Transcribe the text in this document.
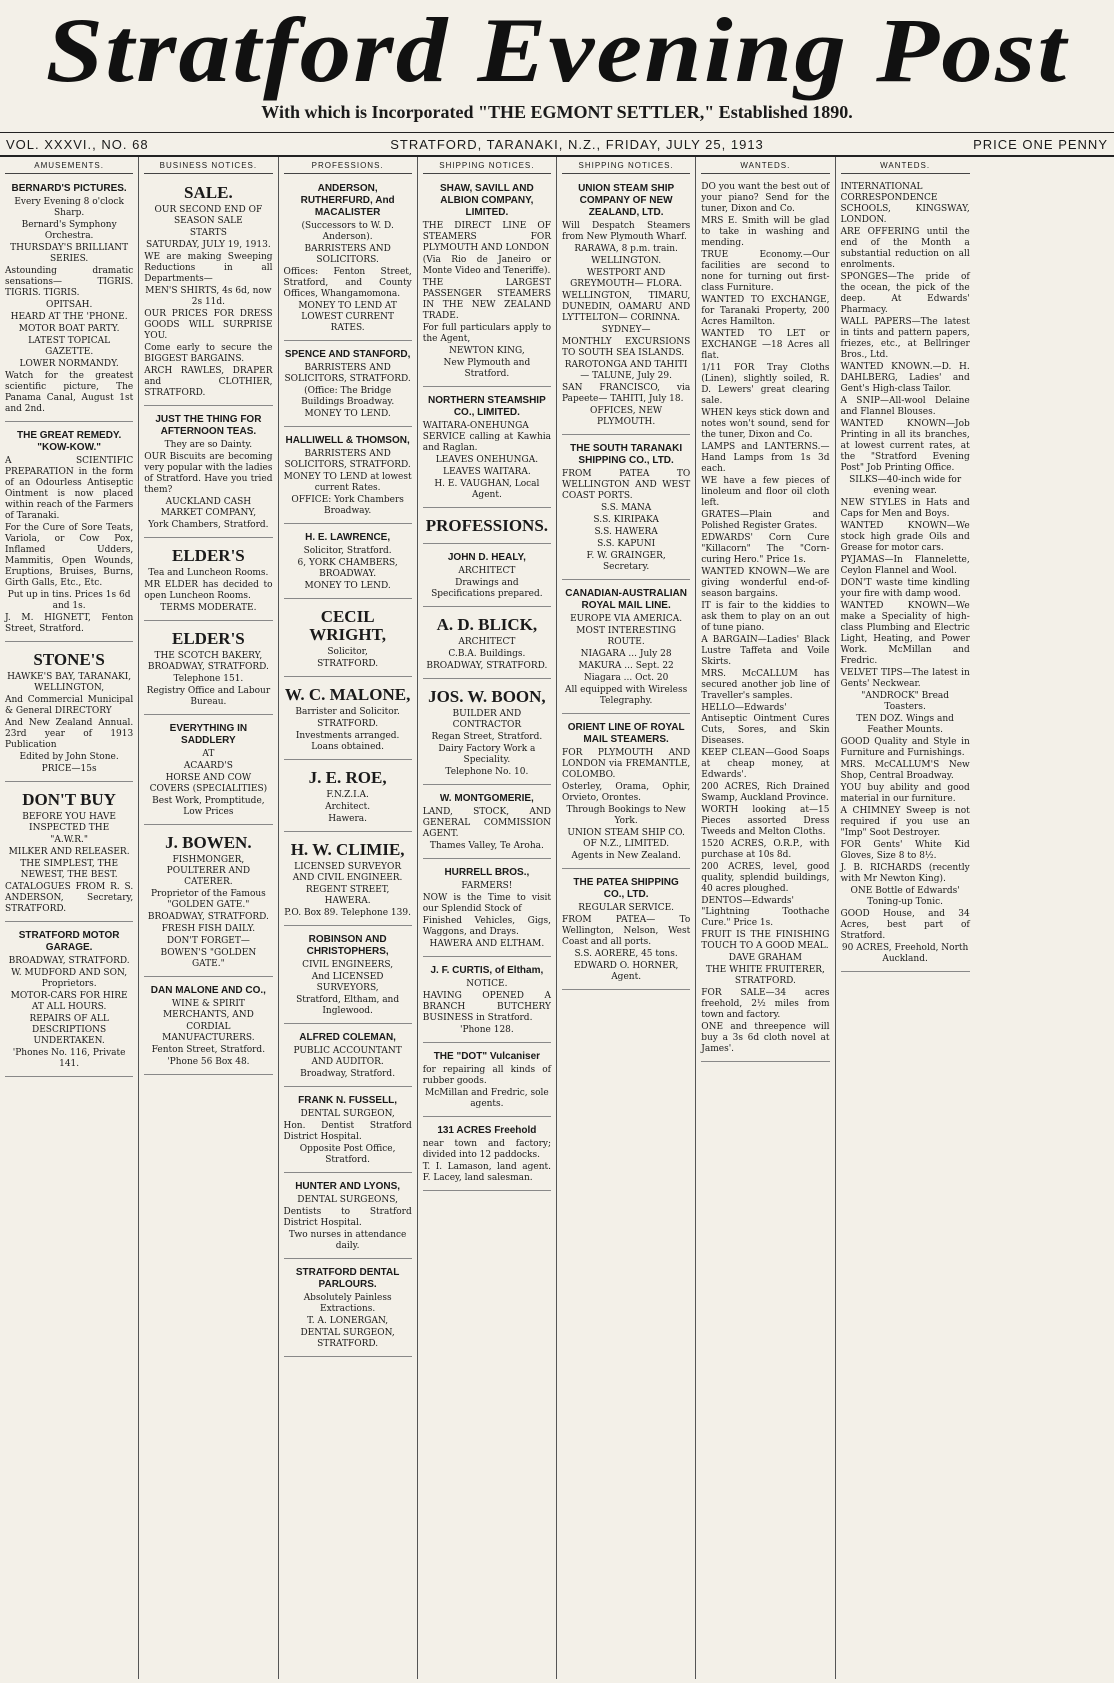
Stratford Evening Post
With which is Incorporated "THE EGMONT SETTLER," Established 1890.
VOL. XXXVI., NO. 68	STRATFORD, TARANAKI, N.Z., FRIDAY, JULY 25, 1913	PRICE ONE PENNY
AMUSEMENTS.
BERNARD'S PICTURES.

Every Evening 8 o'clock Sharp.

Bernard's Symphony Orchestra.

THURSDAY'S BRILLIANT SERIES.

Astounding dramatic sensations— TIGRIS. TIGRIS. TIGRIS.

OPITSAH.

HEARD AT THE 'PHONE.

MOTOR BOAT PARTY.

LATEST TOPICAL GAZETTE.

LOWER NORMANDY.

Watch for the greatest scientific picture, The Panama Canal, August 1st and 2nd.

THE GREAT REMEDY. "KOW-KOW."

A SCIENTIFIC PREPARATION in the form of an Odourless Antiseptic Ointment is now placed within reach of the Farmers of Taranaki.

For the Cure of Sore Teats, Variola, or Cow Pox, Inflamed Udders, Mammitis, Open Wounds, Eruptions, Bruises, Burns, Girth Galls, Etc., Etc.

Put up in tins. Prices 1s 6d and 1s.

J. M. HIGNETT, Fenton Street, Stratford.

STONE'S

HAWKE'S BAY, TARANAKI, WELLINGTON,

And Commercial Municipal & General DIRECTORY

And New Zealand Annual. 23rd year of 1913 Publication

Edited by John Stone.

PRICE—15s

DON'T BUY

BEFORE YOU HAVE INSPECTED THE

"A.W.R."

MILKER AND RELEASER.

THE SIMPLEST, THE NEWEST, THE BEST.

CATALOGUES FROM R. S. ANDERSON, Secretary, STRATFORD.

STRATFORD MOTOR GARAGE.

BROADWAY, STRATFORD.

W. MUDFORD AND SON, Proprietors.

MOTOR-CARS FOR HIRE AT ALL HOURS.

REPAIRS OF ALL DESCRIPTIONS UNDERTAKEN.

'Phones No. 116, Private 141.

BUSINESS NOTICES.
SALE.

OUR SECOND END OF SEASON SALE

STARTS

SATURDAY, JULY 19, 1913.

WE are making Sweeping Reductions in all Departments—

MEN'S SHIRTS, 4s 6d, now 2s 11d.

OUR PRICES FOR DRESS GOODS WILL SURPRISE YOU.

Come early to secure the BIGGEST BARGAINS.

ARCH RAWLES, DRAPER and CLOTHIER, STRATFORD.

JUST THE THING FOR AFTERNOON TEAS.

They are so Dainty.

OUR Biscuits are becoming very popular with the ladies of Stratford. Have you tried them?

AUCKLAND CASH MARKET COMPANY,

York Chambers, Stratford.

ELDER'S

Tea and Luncheon Rooms.

MR ELDER has decided to open Luncheon Rooms.

TERMS MODERATE.

ELDER'S

THE SCOTCH BAKERY, BROADWAY, STRATFORD.

Telephone 151.

Registry Office and Labour Bureau.

EVERYTHING IN SADDLERY

AT

ACAARD'S

HORSE AND COW COVERS (SPECIALITIES)

Best Work, Promptitude, Low Prices

J. BOWEN.

FISHMONGER, POULTERER AND CATERER.

Proprietor of the Famous "GOLDEN GATE."

BROADWAY, STRATFORD.

FRESH FISH DAILY.

DON'T FORGET—

BOWEN'S "GOLDEN GATE."

DAN MALONE AND CO.,

WINE & SPIRIT MERCHANTS, AND

CORDIAL MANUFACTURERS.

Fenton Street, Stratford.

'Phone 56 Box 48.

PROFESSIONS.
ANDERSON, RUTHERFURD, And MACALISTER

(Successors to W. D. Anderson).

BARRISTERS AND SOLICITORS.

Offices: Fenton Street, Stratford, and County Offices, Whangamomona.

MONEY TO LEND AT LOWEST CURRENT RATES.

SPENCE AND STANFORD,

BARRISTERS AND SOLICITORS, STRATFORD.

(Office: The Bridge Buildings Broadway.

MONEY TO LEND.

HALLIWELL & THOMSON,

BARRISTERS AND SOLICITORS, STRATFORD.

MONEY TO LEND at lowest current Rates.

OFFICE: York Chambers Broadway.

H. E. LAWRENCE,

Solicitor, Stratford.

6, YORK CHAMBERS, BROADWAY.

MONEY TO LEND.

CECIL WRIGHT,

Solicitor,

STRATFORD.

W. C. MALONE,

Barrister and Solicitor.

STRATFORD.

Investments arranged. Loans obtained.

J. E. ROE,

F.N.Z.I.A.

Architect.

Hawera.

H. W. CLIMIE,

LICENSED SURVEYOR AND CIVIL ENGINEER.

REGENT STREET, HAWERA.

P.O. Box 89. Telephone 139.

ROBINSON AND CHRISTOPHERS,

CIVIL ENGINEERS,

And LICENSED SURVEYORS,

Stratford, Eltham, and Inglewood.

ALFRED COLEMAN,

PUBLIC ACCOUNTANT AND AUDITOR.

Broadway, Stratford.

FRANK N. FUSSELL,

DENTAL SURGEON,

Hon. Dentist Stratford District Hospital.

Opposite Post Office, Stratford.

HUNTER AND LYONS,

DENTAL SURGEONS,

Dentists to Stratford District Hospital.

Two nurses in attendance daily.

STRATFORD DENTAL PARLOURS.

Absolutely Painless Extractions.

T. A. LONERGAN,

DENTAL SURGEON, STRATFORD.

SHIPPING NOTICES.
SHAW, SAVILL AND ALBION COMPANY, LIMITED.

THE DIRECT LINE OF STEAMERS FOR PLYMOUTH AND LONDON

(Via Rio de Janeiro or Monte Video and Teneriffe).

THE LARGEST PASSENGER STEAMERS IN THE NEW ZEALAND TRADE.

For full particulars apply to the Agent,

NEWTON KING,

New Plymouth and Stratford.

NORTHERN STEAMSHIP CO., LIMITED.

WAITARA-ONEHUNGA SERVICE calling at Kawhia and Raglan.

LEAVES ONEHUNGA.

LEAVES WAITARA.

H. E. VAUGHAN, Local Agent.

PROFESSIONS.
JOHN D. HEALY,

ARCHITECT

Drawings and Specifications prepared.

A. D. BLICK,

ARCHITECT

C.B.A. Buildings.

BROADWAY, STRATFORD.

JOS. W. BOON,

BUILDER AND CONTRACTOR

Regan Street, Stratford.

Dairy Factory Work a Speciality.

Telephone No. 10.

W. MONTGOMERIE,

LAND, STOCK, AND GENERAL COMMISSION AGENT.

Thames Valley, Te Aroha.

HURRELL BROS.,

FARMERS!

NOW is the Time to visit our Splendid Stock of

Finished Vehicles, Gigs, Waggons, and Drays.

HAWERA AND ELTHAM.

J. F. CURTIS, of Eltham,

NOTICE.

HAVING OPENED A BRANCH BUTCHERY BUSINESS in Stratford.

'Phone 128.

THE "DOT" Vulcaniser

for repairing all kinds of rubber goods.

McMillan and Fredric, sole agents.

131 ACRES Freehold

near town and factory; divided into 12 paddocks.

T. I. Lamason, land agent. F. Lacey, land salesman.

SHIPPING NOTICES.
UNION STEAM SHIP COMPANY OF NEW ZEALAND, LTD.

Will Despatch Steamers from New Plymouth Wharf.

RARAWA, 8 p.m. train.

WELLINGTON.

WESTPORT AND GREYMOUTH— FLORA.

WELLINGTON, TIMARU, DUNEDIN, OAMARU AND LYTTELTON— CORINNA.

SYDNEY—

MONTHLY EXCURSIONS TO SOUTH SEA ISLANDS.

RAROTONGA AND TAHITI— TALUNE, July 29.

SAN FRANCISCO, via Papeete— TAHITI, July 18.

OFFICES, NEW PLYMOUTH.

THE SOUTH TARANAKI SHIPPING CO., LTD.

FROM PATEA TO WELLINGTON AND WEST COAST PORTS.

S.S. MANA

S.S. KIRIPAKA

S.S. HAWERA

S.S. KAPUNI

F. W. GRAINGER, Secretary.

CANADIAN-AUSTRALIAN ROYAL MAIL LINE.

EUROPE VIA AMERICA.

MOST INTERESTING ROUTE.

NIAGARA ... July 28

MAKURA ... Sept. 22

Niagara ... Oct. 20

All equipped with Wireless Telegraphy.

ORIENT LINE OF ROYAL MAIL STEAMERS.

FOR PLYMOUTH AND LONDON via FREMANTLE, COLOMBO.

Osterley, Orama, Ophir, Orvieto, Orontes.

Through Bookings to New York.

UNION STEAM SHIP CO. OF N.Z., LIMITED.

Agents in New Zealand.

THE PATEA SHIPPING CO., LTD.

REGULAR SERVICE.

FROM PATEA— To Wellington, Nelson, West Coast and all ports.

S.S. AORERE, 45 tons.

EDWARD O. HORNER, Agent.

WANTEDS.

DO you want the best out of your piano? Send for the tuner, Dixon and Co.

MRS E. Smith will be glad to take in washing and mending.

TRUE Economy.—Our facilities are second to none for turning out first-class Furniture.

WANTED TO EXCHANGE, for Taranaki Property, 200 Acres Hamilton.

WANTED TO LET or EXCHANGE —18 Acres all flat.

1/11 FOR Tray Cloths (Linen), slightly soiled, R. D. Lewers' great clearing sale.

WHEN keys stick down and notes won't sound, send for the tuner, Dixon and Co.

LAMPS and LANTERNS.—Hand Lamps from 1s 3d each.

WE have a few pieces of linoleum and floor oil cloth left.

GRATES—Plain and Polished Register Grates.

EDWARDS' Corn Cure "Killacorn" The "Corn-curing Hero." Price 1s.

WANTED KNOWN—We are giving wonderful end-of-season bargains.

IT is fair to the kiddies to ask them to play on an out of tune piano.

A BARGAIN—Ladies' Black Lustre Taffeta and Voile Skirts.

MRS. McCALLUM has secured another job line of Traveller's samples.

HELLO—Edwards' Antiseptic Ointment Cures Cuts, Sores, and Skin Diseases.

KEEP CLEAN—Good Soaps at cheap money, at Edwards'.

200 ACRES, Rich Drained Swamp, Auckland Province.

WORTH looking at—15 Pieces assorted Dress Tweeds and Melton Cloths.

1520 ACRES, O.R.P., with purchase at 10s 8d.

200 ACRES, level, good quality, splendid buildings, 40 acres ploughed.

DENTOS—Edwards' "Lightning Toothache Cure." Price 1s.

FRUIT IS THE FINISHING TOUCH TO A GOOD MEAL.

DAVE GRAHAM

THE WHITE FRUITERER, STRATFORD.

FOR SALE—34 acres freehold, 2½ miles from town and factory.

ONE and threepence will buy a 3s 6d cloth novel at James'.

WANTEDS.

INTERNATIONAL CORRESPONDENCE SCHOOLS, KINGSWAY, LONDON.

ARE OFFERING until the end of the Month a substantial reduction on all enrolments.

SPONGES—The pride of the ocean, the pick of the deep. At Edwards' Pharmacy.

WALL PAPERS—The latest in tints and pattern papers, friezes, etc., at Bellringer Bros., Ltd.

WANTED KNOWN.—D. H. DAHLBERG, Ladies' and Gent's High-class Tailor.

A SNIP—All-wool Delaine and Flannel Blouses.

WANTED KNOWN—Job Printing in all its branches, at lowest current rates, at the "Stratford Evening Post" Job Printing Office.

SILKS—40-inch wide for evening wear.

NEW STYLES in Hats and Caps for Men and Boys.

WANTED KNOWN—We stock high grade Oils and Grease for motor cars.

PYJAMAS—In Flannelette, Ceylon Flannel and Wool.

DON'T waste time kindling your fire with damp wood.

WANTED KNOWN—We make a Speciality of high-class Plumbing and Electric Light, Heating, and Power Work. McMillan and Fredric.

VELVET TIPS—The latest in Gents' Neckwear.

"ANDROCK" Bread Toasters.

TEN DOZ. Wings and Feather Mounts.

GOOD Quality and Style in Furniture and Furnishings.

MRS. McCALLUM'S New Shop, Central Broadway.

YOU buy ability and good material in our furniture.

A CHIMNEY Sweep is not required if you use an "Imp" Soot Destroyer.

FOR Gents' White Kid Gloves, Size 8 to 8½.

J. B. RICHARDS (recently with Mr Newton King).

ONE Bottle of Edwards' Toning-up Tonic.

GOOD House, and 34 Acres, best part of Stratford.

90 ACRES, Freehold, North Auckland.
